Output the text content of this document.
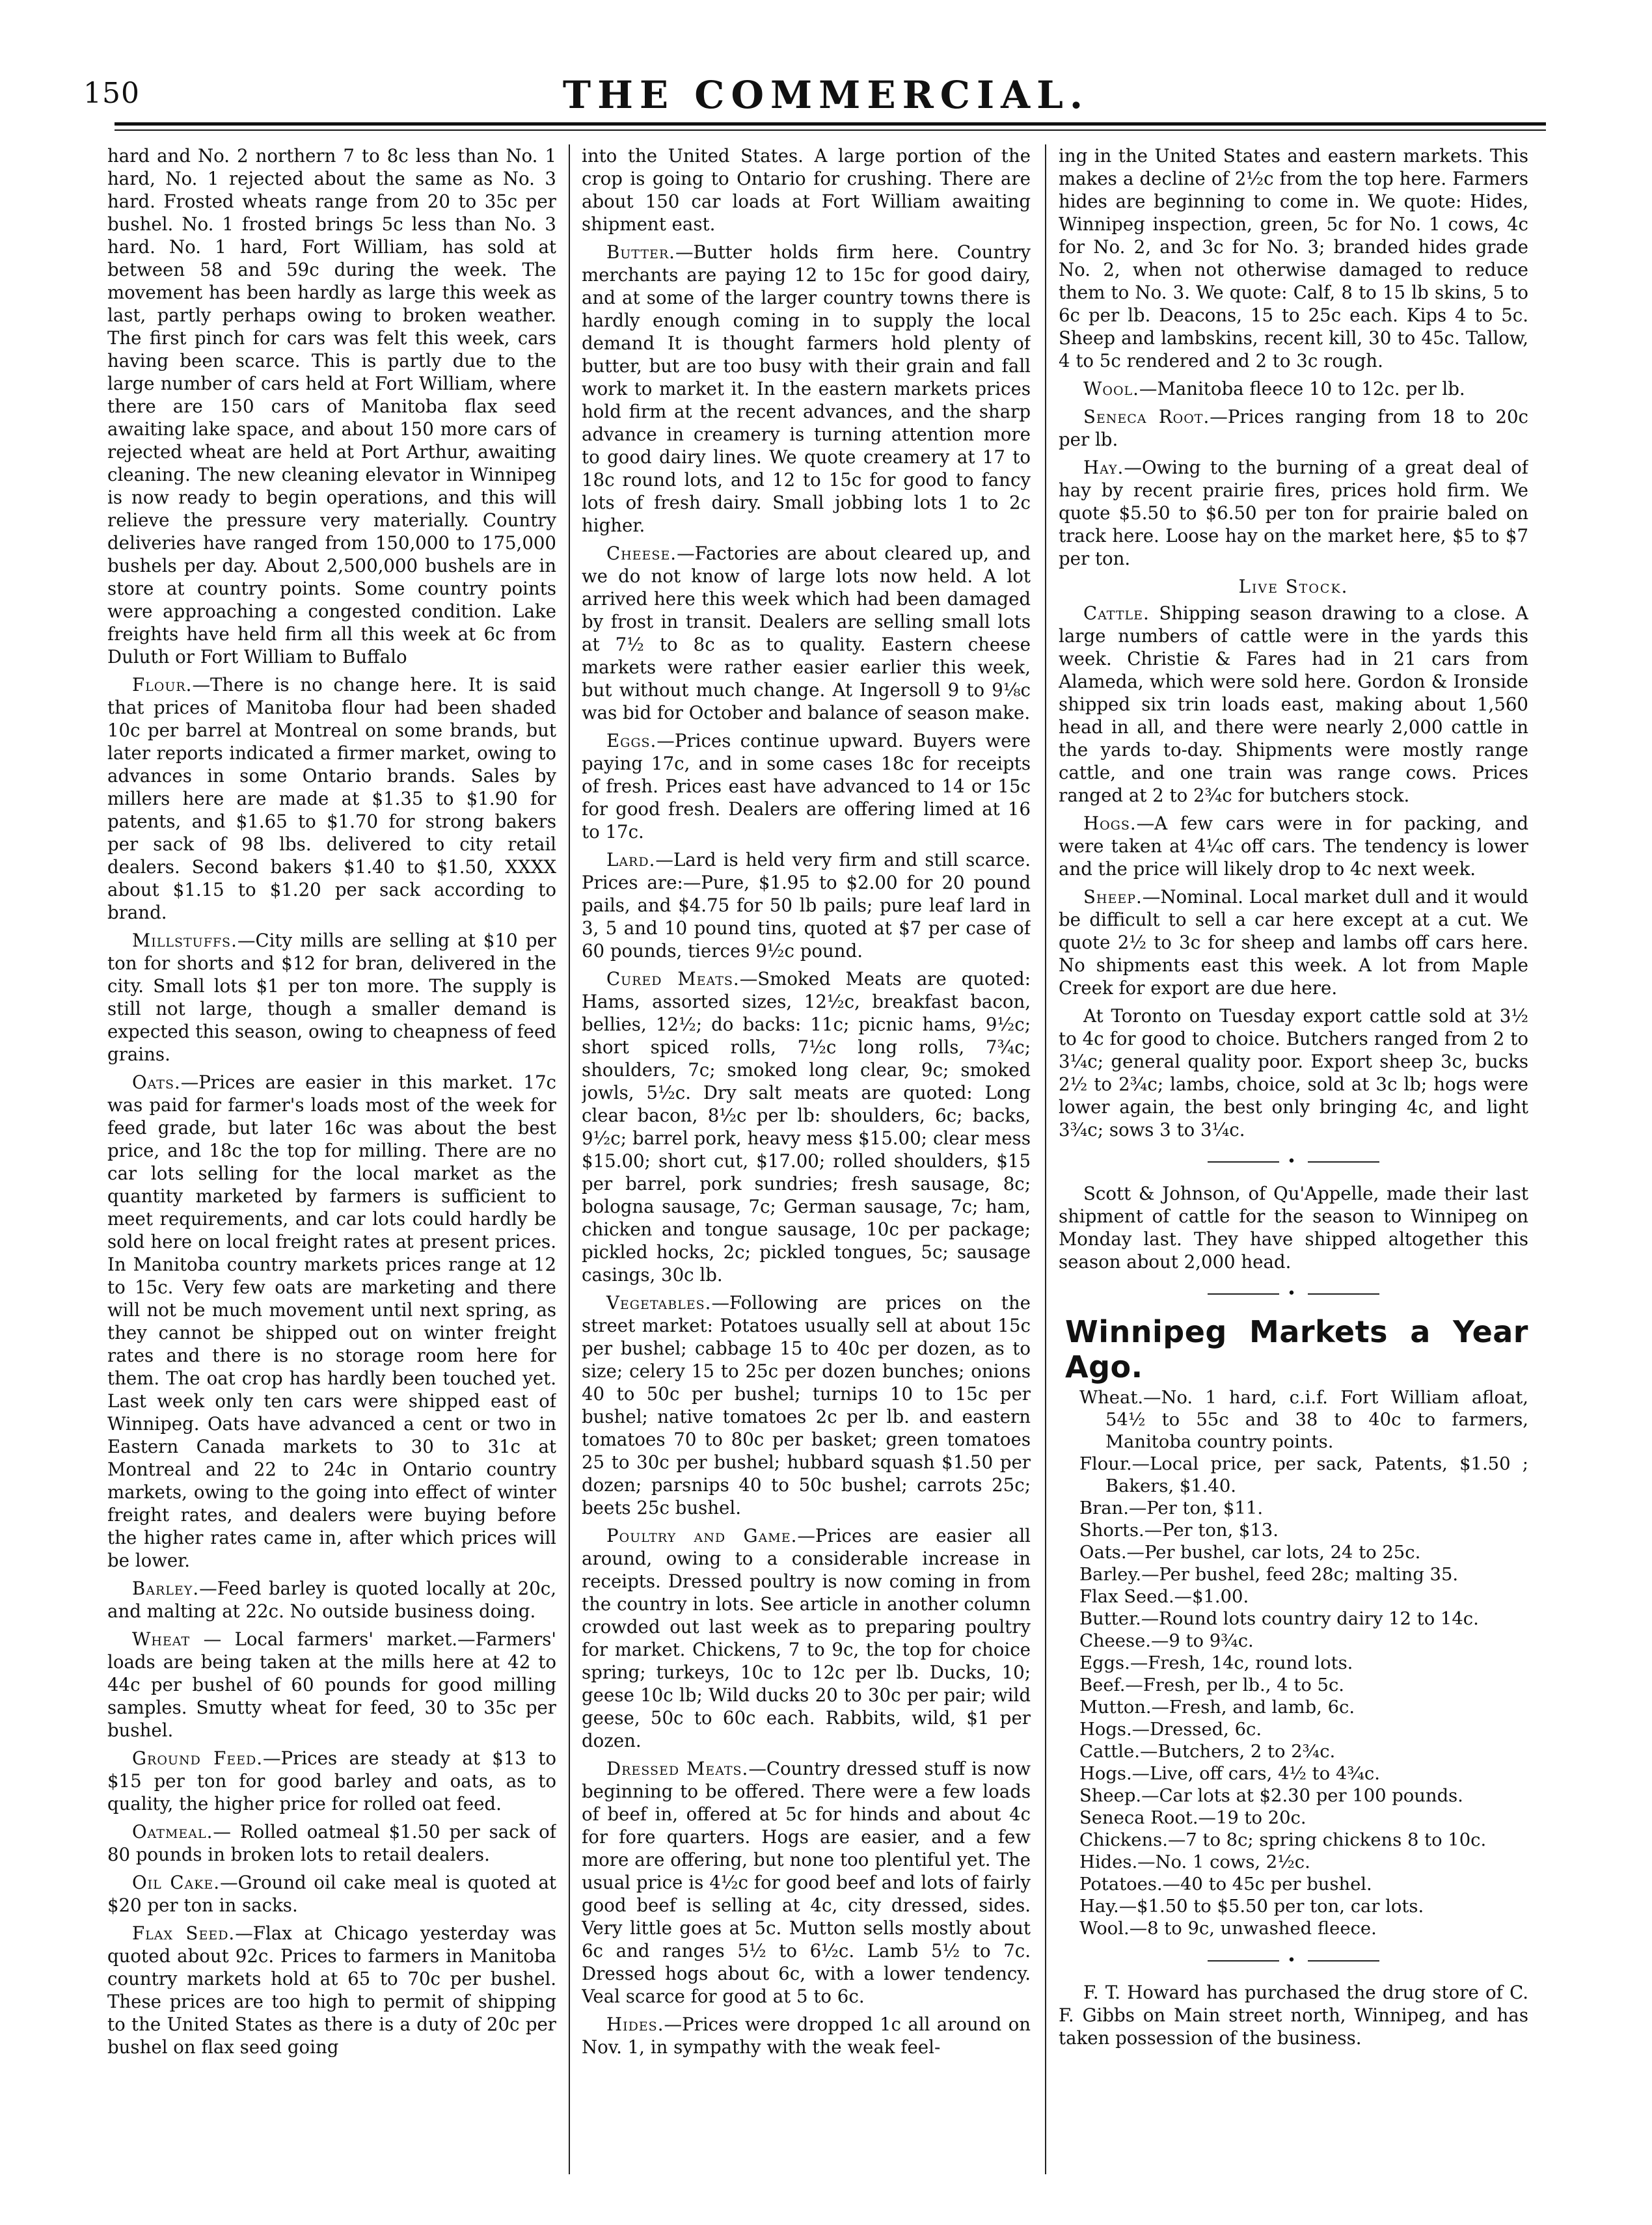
150	THE COMMERCIAL.

hard and No. 2 northern 7 to 8c less than No. 1 hard, No. 1 rejected about the same as No. 3 hard. Frosted wheats range from 20 to 35c per bushel. No. 1 frosted brings 5c less than No. 3 hard. No. 1 hard, Fort William, has sold at between 58 and 59c during the week. The movement has been hardly as large this week as last, partly perhaps owing to broken weather. The first pinch for cars was felt this week, cars having been scarce. This is partly due to the large number of cars held at Fort William, where there are 150 cars of Manitoba flax seed awaiting lake space, and about 150 more cars of rejected wheat are held at Port Arthur, awaiting cleaning. The new cleaning elevator in Winnipeg is now ready to begin operations, and this will relieve the pressure very materially. Country deliveries have ranged from 150,000 to 175,000 bushels per day. About 2,500,000 bushels are in store at country points. Some country points were approaching a congested condition. Lake freights have held firm all this week at 6c from Duluth or Fort William to Buffalo

Flour.—There is no change here. It is said that prices of Manitoba flour had been shaded 10c per barrel at Montreal on some brands, but later reports indicated a firmer market, owing to advances in some Ontario brands. Sales by millers here are made at $1.35 to $1.90 for patents, and $1.65 to $1.70 for strong bakers per sack of 98 lbs. delivered to city retail dealers. Second bakers $1.40 to $1.50, XXXX about $1.15 to $1.20 per sack according to brand.

Millstuffs.—City mills are selling at $10 per ton for shorts and $12 for bran, delivered in the city. Small lots $1 per ton more. The supply is still not large, though a smaller demand is expected this season, owing to cheapness of feed grains.

Oats.—Prices are easier in this market. 17c was paid for farmer's loads most of the week for feed grade, but later 16c was about the best price, and 18c the top for milling. There are no car lots selling for the local market as the quantity marketed by farmers is sufficient to meet requirements, and car lots could hardly be sold here on local freight rates at present prices. In Manitoba country markets prices range at 12 to 15c. Very few oats are marketing and there will not be much movement until next spring, as they cannot be shipped out on winter freight rates and there is no storage room here for them. The oat crop has hardly been touched yet. Last week only ten cars were shipped east of Winnipeg. Oats have advanced a cent or two in Eastern Canada markets to 30 to 31c at Montreal and 22 to 24c in Ontario country markets, owing to the going into effect of winter freight rates, and dealers were buying before the higher rates came in, after which prices will be lower.

Barley.—Feed barley is quoted locally at 20c, and malting at 22c. No outside business doing.

Wheat — Local farmers' market.—Farmers' loads are being taken at the mills here at 42 to 44c per bushel of 60 pounds for good milling samples. Smutty wheat for feed, 30 to 35c per bushel.

Ground Feed.—Prices are steady at $13 to $15 per ton for good barley and oats, as to quality, the higher price for rolled oat feed.

Oatmeal.— Rolled oatmeal $1.50 per sack of 80 pounds in broken lots to retail dealers.

Oil Cake.—Ground oil cake meal is quoted at $20 per ton in sacks.

Flax Seed.—Flax at Chicago yesterday was quoted about 92c. Prices to farmers in Manitoba country markets hold at 65 to 70c per bushel. These prices are too high to permit of shipping to the United States as there is a duty of 20c per bushel on flax seed going

into the United States. A large portion of the crop is going to Ontario for crushing. There are about 150 car loads at Fort William awaiting shipment east.

Butter.—Butter holds firm here. Country merchants are paying 12 to 15c for good dairy, and at some of the larger country towns there is hardly enough coming in to supply the local demand It is thought farmers hold plenty of butter, but are too busy with their grain and fall work to market it. In the eastern markets prices hold firm at the recent advances, and the sharp advance in creamery is turning attention more to good dairy lines. We quote creamery at 17 to 18c round lots, and 12 to 15c for good to fancy lots of fresh dairy. Small jobbing lots 1 to 2c higher.

Cheese.—Factories are about cleared up, and we do not know of large lots now held. A lot arrived here this week which had been damaged by frost in transit. Dealers are selling small lots at 7½ to 8c as to quality. Eastern cheese markets were rather easier earlier this week, but without much change. At Ingersoll 9 to 9⅛c was bid for October and balance of season make.

Eggs.—Prices continue upward. Buyers were paying 17c, and in some cases 18c for receipts of fresh. Prices east have advanced to 14 or 15c for good fresh. Dealers are offering limed at 16 to 17c.

Lard.—Lard is held very firm and still scarce. Prices are:—Pure, $1.95 to $2.00 for 20 pound pails, and $4.75 for 50 lb pails; pure leaf lard in 3, 5 and 10 pound tins, quoted at $7 per case of 60 pounds, tierces 9½c pound.

Cured Meats.—Smoked Meats are quoted: Hams, assorted sizes, 12½c, breakfast bacon, bellies, 12½; do backs: 11c; picnic hams, 9½c; short spiced rolls, 7½c long rolls, 7¾c; shoulders, 7c; smoked long clear, 9c; smoked jowls, 5½c. Dry salt meats are quoted: Long clear bacon, 8½c per lb: shoulders, 6c; backs, 9½c; barrel pork, heavy mess $15.00; clear mess $15.00; short cut, $17.00; rolled shoulders, $15 per barrel, pork sundries; fresh sausage, 8c; bologna sausage, 7c; German sausage, 7c; ham, chicken and tongue sausage, 10c per package; pickled hocks, 2c; pickled tongues, 5c; sausage casings, 30c lb.

Vegetables.—Following are prices on the street market: Potatoes usually sell at about 15c per bushel; cabbage 15 to 40c per dozen, as to size; celery 15 to 25c per dozen bunches; onions 40 to 50c per bushel; turnips 10 to 15c per bushel; native tomatoes 2c per lb. and eastern tomatoes 70 to 80c per basket; green tomatoes 25 to 30c per bushel; hubbard squash $1.50 per dozen; parsnips 40 to 50c bushel; carrots 25c; beets 25c bushel.

Poultry and Game.—Prices are easier all around, owing to a considerable increase in receipts. Dressed poultry is now coming in from the country in lots. See article in another column crowded out last week as to preparing poultry for market. Chickens, 7 to 9c, the top for choice spring; turkeys, 10c to 12c per lb. Ducks, 10; geese 10c lb; Wild ducks 20 to 30c per pair; wild geese, 50c to 60c each. Rabbits, wild, $1 per dozen.

Dressed Meats.—Country dressed stuff is now beginning to be offered. There were a few loads of beef in, offered at 5c for hinds and about 4c for fore quarters. Hogs are easier, and a few more are offering, but none too plentiful yet. The usual price is 4½c for good beef and lots of fairly good beef is selling at 4c, city dressed, sides. Very little goes at 5c. Mutton sells mostly about 6c and ranges 5½ to 6½c. Lamb 5½ to 7c. Dressed hogs about 6c, with a lower tendency. Veal scarce for good at 5 to 6c.

Hides.—Prices were dropped 1c all around on Nov. 1, in sympathy with the weak feel-

ing in the United States and eastern markets. This makes a decline of 2½c from the top here. Farmers hides are beginning to come in. We quote: Hides, Winnipeg inspection, green, 5c for No. 1 cows, 4c for No. 2, and 3c for No. 3; branded hides grade No. 2, when not otherwise damaged to reduce them to No. 3. We quote: Calf, 8 to 15 lb skins, 5 to 6c per lb. Deacons, 15 to 25c each. Kips 4 to 5c. Sheep and lambskins, recent kill, 30 to 45c. Tallow, 4 to 5c rendered and 2 to 3c rough.

Wool.—Manitoba fleece 10 to 12c. per lb.

Seneca Root.—Prices ranging from 18 to 20c per lb.

Hay.—Owing to the burning of a great deal of hay by recent prairie fires, prices hold firm. We quote $5.50 to $6.50 per ton for prairie baled on track here. Loose hay on the market here, $5 to $7 per ton.

Live Stock.

Cattle. Shipping season drawing to a close. A large numbers of cattle were in the yards this week. Christie & Fares had in 21 cars from Alameda, which were sold here. Gordon & Ironside shipped six trin loads east, making about 1,560 head in all, and there were nearly 2,000 cattle in the yards to-day. Shipments were mostly range cattle, and one train was range cows. Prices ranged at 2 to 2¾c for butchers stock.

Hogs.—A few cars were in for packing, and were taken at 4¼c off cars. The tendency is lower and the price will likely drop to 4c next week.

Sheep.—Nominal. Local market dull and it would be difficult to sell a car here except at a cut. We quote 2½ to 3c for sheep and lambs off cars here. No shipments east this week. A lot from Maple Creek for export are due here.

At Toronto on Tuesday export cattle sold at 3½ to 4c for good to choice. Butchers ranged from 2 to 3¼c; general quality poor. Export sheep 3c, bucks 2½ to 2¾c; lambs, choice, sold at 3c lb; hogs were lower again, the best only bringing 4c, and light 3¾c; sows 3 to 3¼c.

•

Scott & Johnson, of Qu'Appelle, made their last shipment of cattle for the season to Winnipeg on Monday last. They have shipped altogether this season about 2,000 head.

•
Winnipeg Markets a Year Ago.
Wheat.—No. 1 hard, c.i.f. Fort William afloat, 54½ to 55c and 38 to 40c to farmers, Manitoba country points.
Flour.—Local price, per sack, Patents, $1.50 ; Bakers, $1.40.
Bran.—Per ton, $11.
Shorts.—Per ton, $13.
Oats.—Per bushel, car lots, 24 to 25c.
Barley.—Per bushel, feed 28c; malting 35.
Flax Seed.—$1.00.
Butter.—Round lots country dairy 12 to 14c.
Cheese.—9 to 9¾c.
Eggs.—Fresh, 14c, round lots.
Beef.—Fresh, per lb., 4 to 5c.
Mutton.—Fresh, and lamb, 6c.
Hogs.—Dressed, 6c.
Cattle.—Butchers, 2 to 2¾c.
Hogs.—Live, off cars, 4½ to 4¾c.
Sheep.—Car lots at $2.30 per 100 pounds.
Seneca Root.—19 to 20c.
Chickens.—7 to 8c; spring chickens 8 to 10c.
Hides.—No. 1 cows, 2½c.
Potatoes.—40 to 45c per bushel.
Hay.—$1.50 to $5.50 per ton, car lots.
Wool.—8 to 9c, unwashed fleece.
•

F. T. Howard has purchased the drug store of C. F. Gibbs on Main street north, Winnipeg, and has taken possession of the business.
